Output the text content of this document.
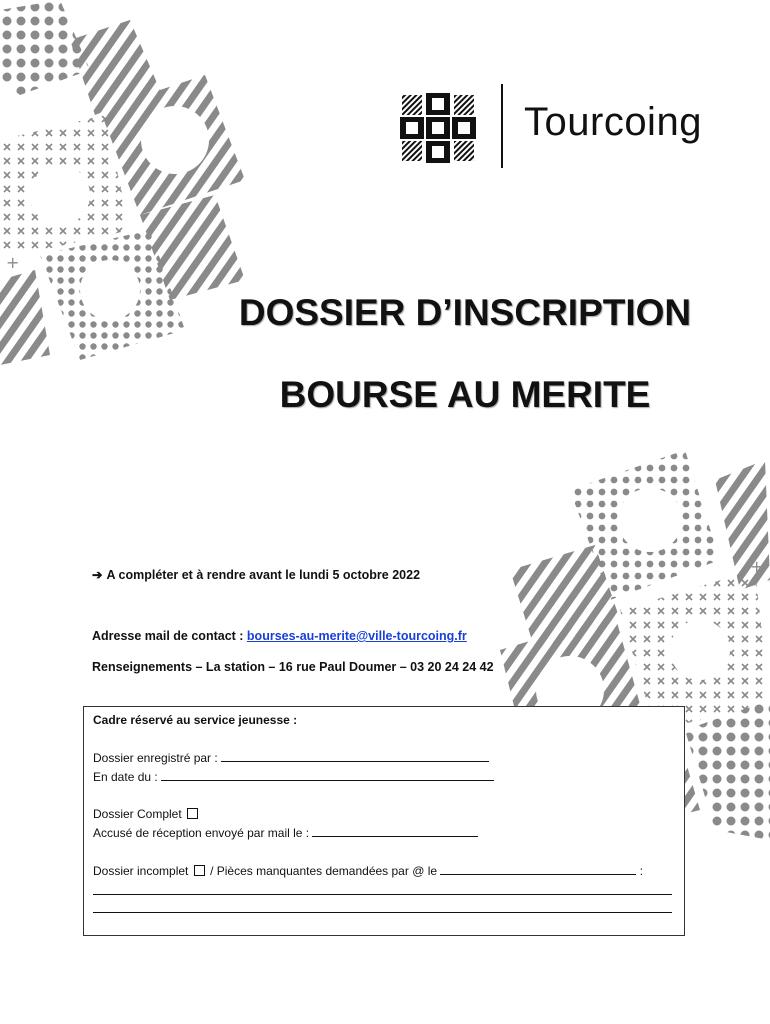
+
+
Tourcoing
DOSSIER D’INSCRIPTION
BOURSE AU MERITE
➔ A compléter et à rendre avant le lundi 5 octobre 2022
Adresse mail de contact : bourses-au-merite@ville-tourcoing.fr
Renseignements – La station – 16 rue Paul Doumer – 03 20 24 24 42
Cadre réservé au service jeunesse :
Dossier enregistré par :
En date du :
Dossier Complet
Accusé de réception envoyé par mail le :
Dossier incomplet / Pièces manquantes demandées par @ le	:
